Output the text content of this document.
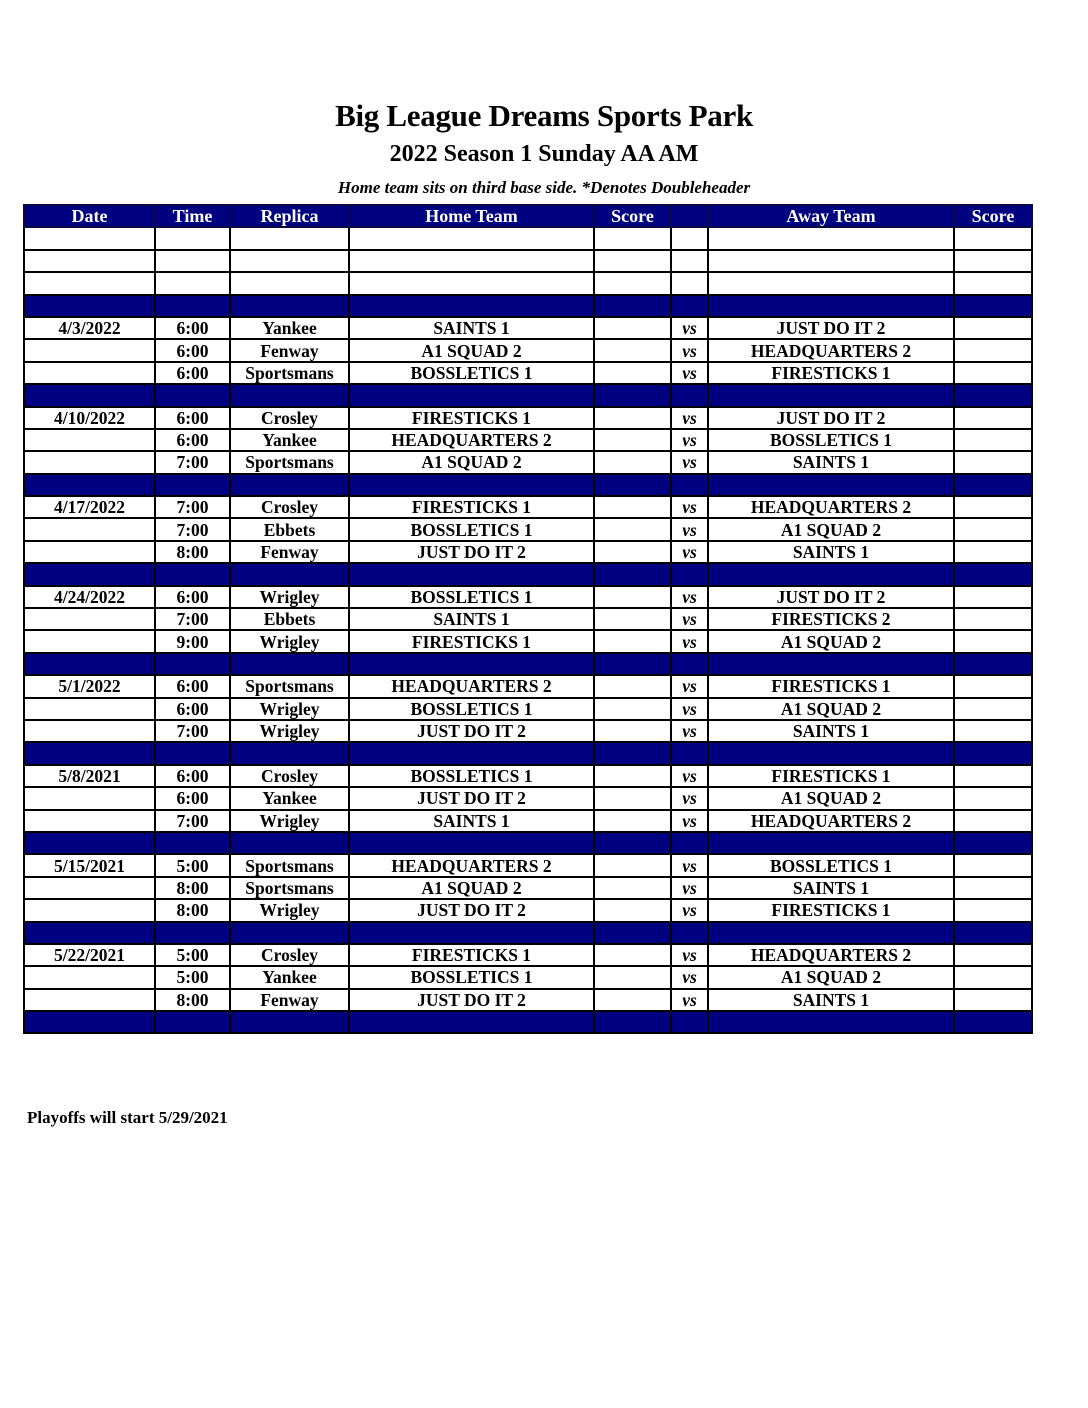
Big League Dreams Sports Park
2022 Season 1 Sunday AA AM
Home team sits on third base side. *Denotes Doubleheader
Date	Time	Replica	Home Team	Score		Away Team	Score

4/3/2022	6:00	Yankee	SAINTS 1		vs	JUST DO IT 2	
	6:00	Fenway	A1 SQUAD 2		vs	HEADQUARTERS 2	
	6:00	Sportsmans	BOSSLETICS 1		vs	FIRESTICKS 1	

4/10/2022	6:00	Crosley	FIRESTICKS 1		vs	JUST DO IT 2	
	6:00	Yankee	HEADQUARTERS 2		vs	BOSSLETICS 1	
	7:00	Sportsmans	A1 SQUAD 2		vs	SAINTS 1	

4/17/2022	7:00	Crosley	FIRESTICKS 1		vs	HEADQUARTERS 2	
	7:00	Ebbets	BOSSLETICS 1		vs	A1 SQUAD 2	
	8:00	Fenway	JUST DO IT 2		vs	SAINTS 1	

4/24/2022	6:00	Wrigley	BOSSLETICS 1		vs	JUST DO IT 2	
	7:00	Ebbets	SAINTS 1		vs	FIRESTICKS 2	
	9:00	Wrigley	FIRESTICKS 1		vs	A1 SQUAD 2	

5/1/2022	6:00	Sportsmans	HEADQUARTERS 2		vs	FIRESTICKS 1	
	6:00	Wrigley	BOSSLETICS 1		vs	A1 SQUAD 2	
	7:00	Wrigley	JUST DO IT 2		vs	SAINTS 1	

5/8/2021	6:00	Crosley	BOSSLETICS 1		vs	FIRESTICKS 1	
	6:00	Yankee	JUST DO IT 2		vs	A1 SQUAD 2	
	7:00	Wrigley	SAINTS 1		vs	HEADQUARTERS 2	

5/15/2021	5:00	Sportsmans	HEADQUARTERS 2		vs	BOSSLETICS 1	
	8:00	Sportsmans	A1 SQUAD 2		vs	SAINTS 1	
	8:00	Wrigley	JUST DO IT 2		vs	FIRESTICKS 1	

5/22/2021	5:00	Crosley	FIRESTICKS 1		vs	HEADQUARTERS 2	
	5:00	Yankee	BOSSLETICS 1		vs	A1 SQUAD 2	
	8:00	Fenway	JUST DO IT 2		vs	SAINTS 1	

Playoffs will start 5/29/2021
